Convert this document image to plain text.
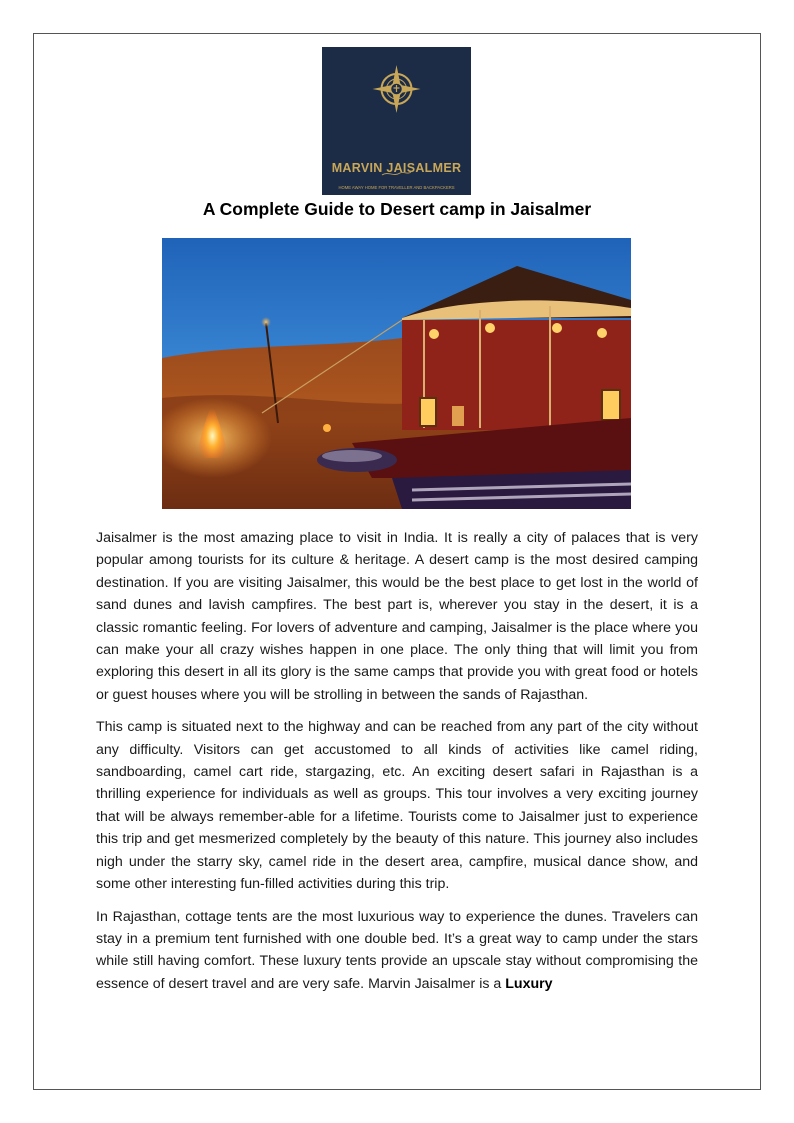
MARVIN JAISALMER
HOME AWAY HOME FOR TRAVELLER AND BACKPACKERS
A Complete Guide to Desert camp in Jaisalmer

Jaisalmer is the most amazing place to visit in India. It is really a city of palaces that is very popular among tourists for its culture & heritage. A desert camp is the most desired camping destination. If you are visiting Jaisalmer, this would be the best place to get lost in the world of sand dunes and lavish campfires. The best part is, wherever you stay in the desert, it is a classic romantic feeling. For lovers of adventure and camping, Jaisalmer is the place where you can make your all crazy wishes happen in one place. The only thing that will limit you from exploring this desert in all its glory is the same camps that provide you with great food or hotels or guest houses where you will be strolling in between the sands of Rajasthan.

This camp is situated next to the highway and can be reached from any part of the city without any difficulty. Visitors can get accustomed to all kinds of activities like camel riding, sandboarding, camel cart ride, stargazing, etc. An exciting desert safari in Rajasthan is a thrilling experience for individuals as well as groups. This tour involves a very exciting journey that will be always remember-able for a lifetime. Tourists come to Jaisalmer just to experience this trip and get mesmerized completely by the beauty of this nature. This journey also includes nigh under the starry sky, camel ride in the desert area, campfire, musical dance show, and some other interesting fun-filled activities during this trip.

In Rajasthan, cottage tents are the most luxurious way to experience the dunes. Travelers can stay in a premium tent furnished with one double bed. It’s a great way to camp under the stars while still having comfort. These luxury tents provide an upscale stay without compromising the essence of desert travel and are very safe. Marvin Jaisalmer is a Luxury
